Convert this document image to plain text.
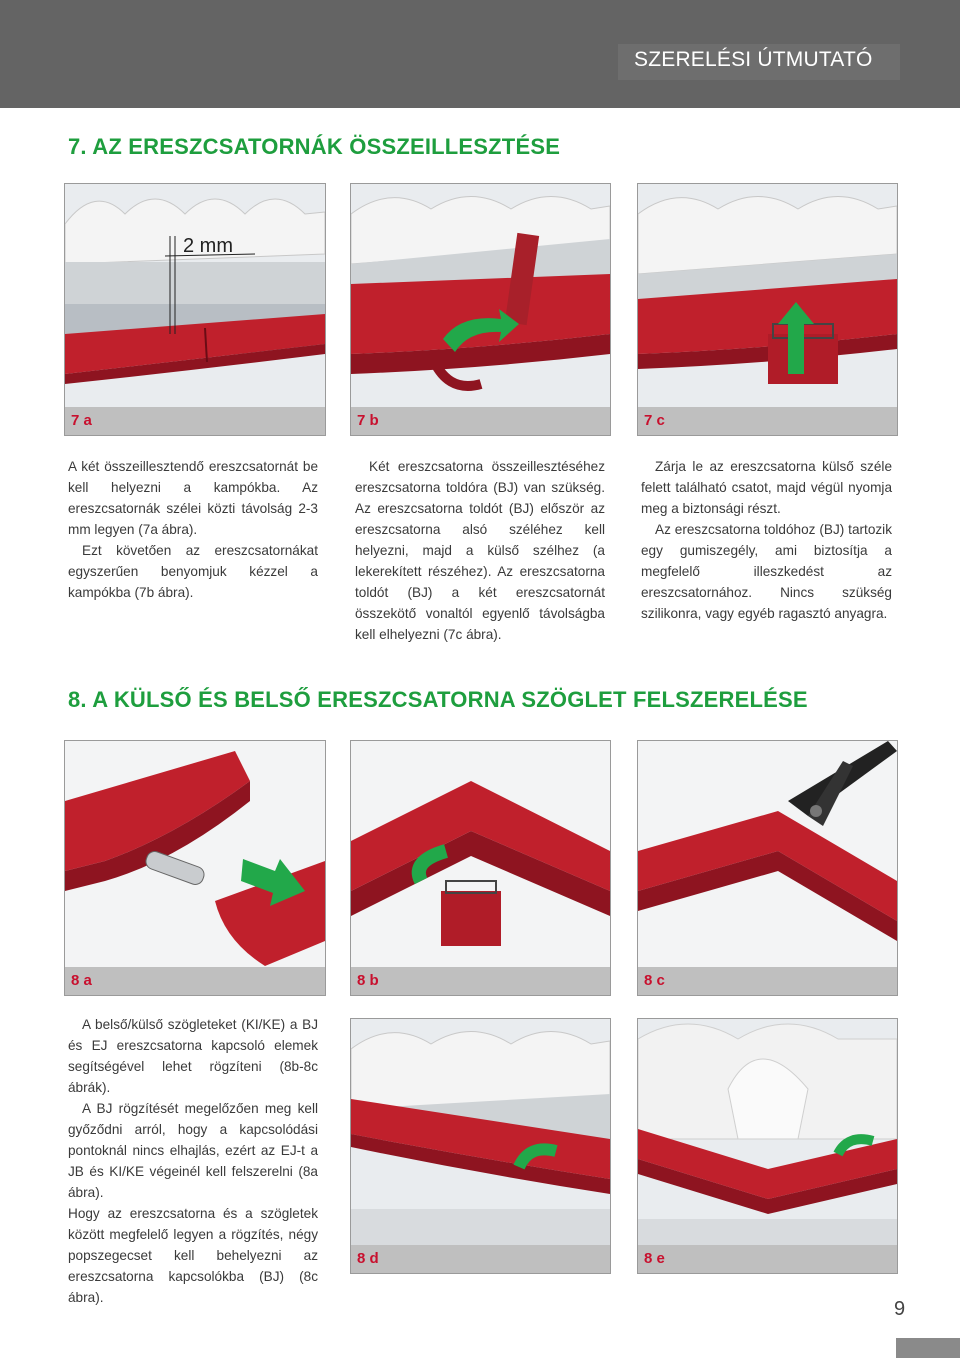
SZERELÉSI ÚTMUTATÓ
7. AZ ERESZCSATORNÁK ÖSSZEILLESZTÉSE
2 mm
7 a	7 b	7 c

A két összeillesztendő ereszcsatornát be kell helyezni a kampókba. Az ereszcsatornák szélei közti távolság 2-3 mm legyen (7a ábra).

Ezt követően az ereszcsatornákat egyszerűen benyomjuk kézzel a kampókba (7b ábra).

Két ereszcsatorna összeillesztéséhez ereszcsatorna toldóra (BJ) van szükség. Az ereszcsatorna toldót (BJ) először az ereszcsatorna alsó széléhez kell helyezni, majd a külső szélhez (a lekerekített részéhez). Az ereszcsatorna toldót (BJ) a két ereszcsatornát összekötő vonaltól egyenlő távolságba kell elhelyezni (7c ábra).

Zárja le az ereszcsatorna külső széle felett található csatot, majd végül nyomja meg a biztonsági részt.

Az ereszcsatorna toldóhoz (BJ) tartozik egy gumiszegély, ami biztosítja a megfelelő illeszkedést az ereszcsatornához. Nincs szükség szilikonra, vagy egyéb ragasztó anyagra.

8. A KÜLSŐ ÉS BELSŐ ERESZCSATORNA SZÖGLET FELSZERELÉSE
8 a	8 b	8 c

A belső/külső szögleteket (KI/KE) a BJ és EJ ereszcsatorna kapcsoló elemek segítségével lehet rögzíteni (8b-8c ábrák).

A BJ rögzítését megelőzően meg kell győződni arról, hogy a kapcsolódási pontoknál nincs elhajlás, ezért az EJ-t a JB és KI/KE végeinél kell felszerelni (8a ábra).

Hogy az ereszcsatorna és a szögletek között megfelelő legyen a rögzítés, négy popszegecset kell behelyezni az ereszcsatorna kapcsolókba (BJ) (8c ábra).

8 d	8 e
9
